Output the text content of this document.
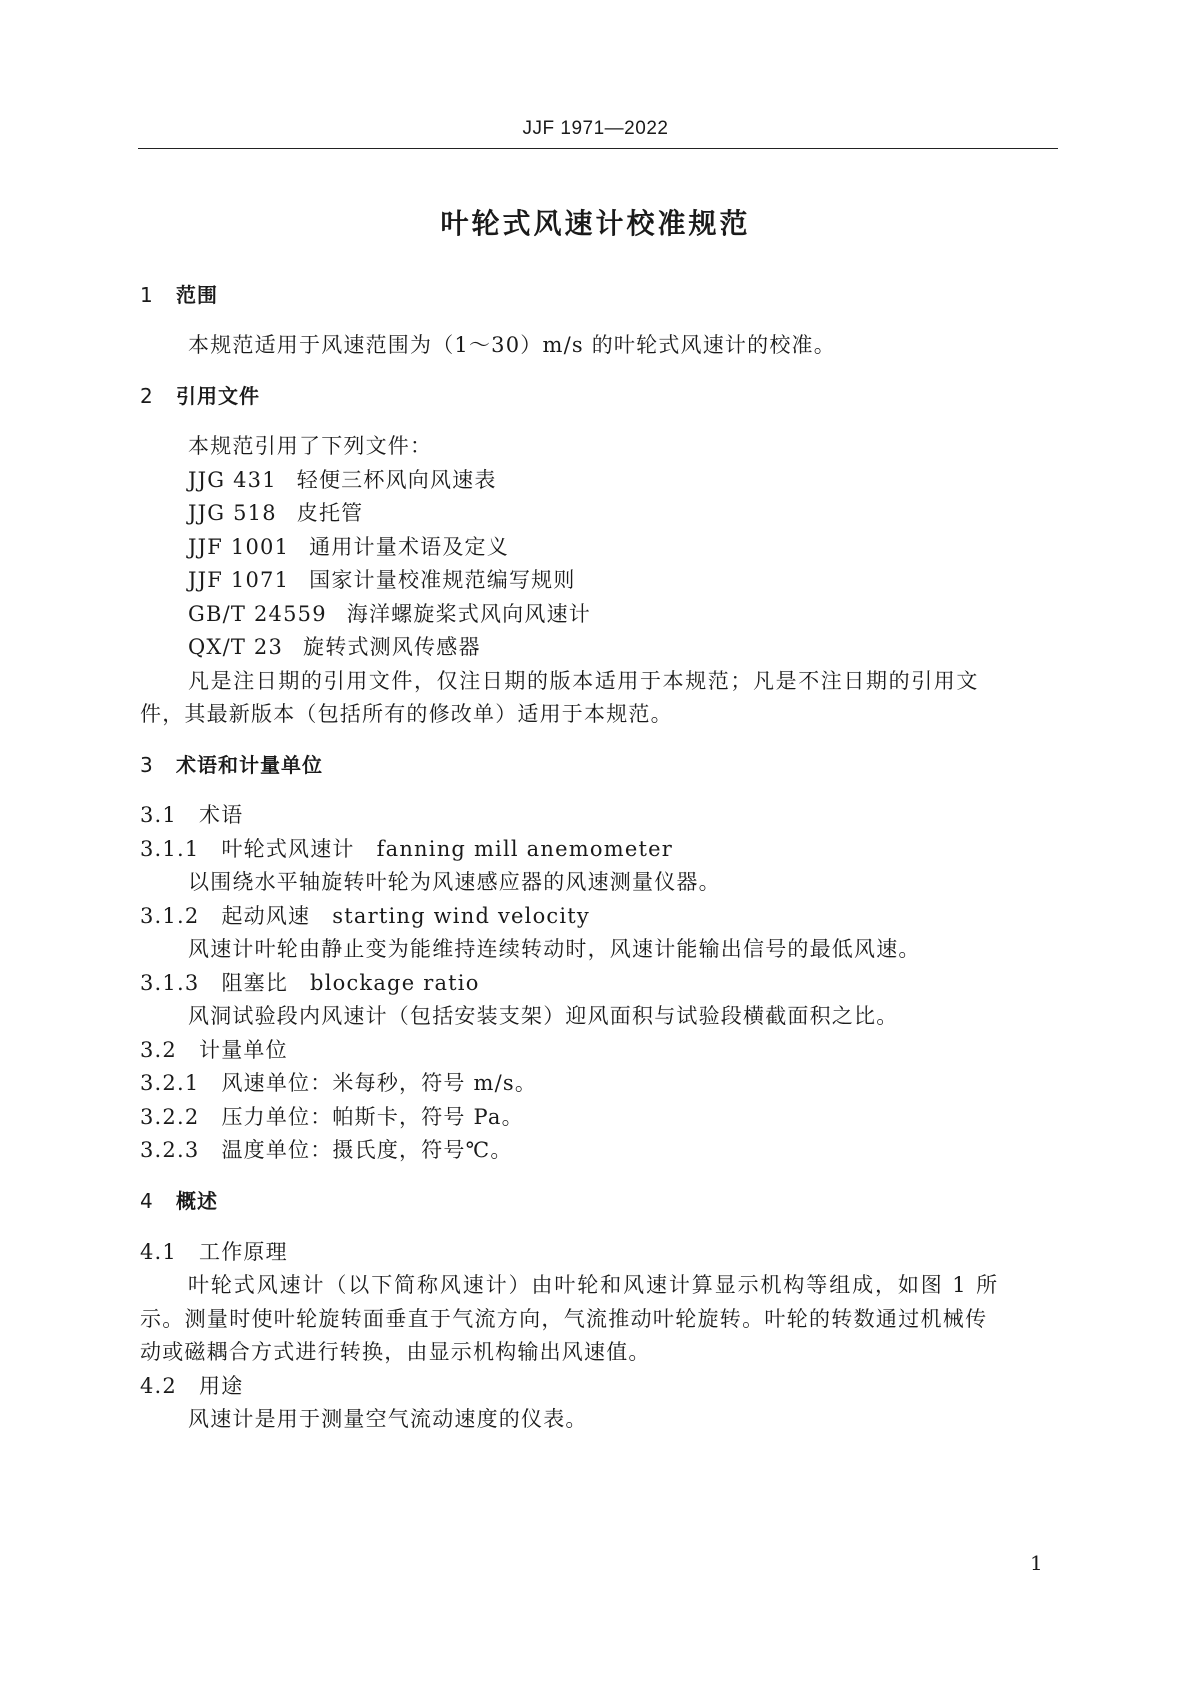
JJF 1971—2022
叶轮式风速计校准规范
1 范围
本规范适用于风速范围为（1～30）m/s 的叶轮式风速计的校准。
2 引用文件
本规范引用了下列文件：
JJG 431 轻便三杯风向风速表
JJG 518 皮托管
JJF 1001 通用计量术语及定义
JJF 1071 国家计量校准规范编写规则
GB/T 24559 海洋螺旋桨式风向风速计
QX/T 23 旋转式测风传感器
凡是注日期的引用文件，仅注日期的版本适用于本规范；凡是不注日期的引用文
件，其最新版本（包括所有的修改单）适用于本规范。
3 术语和计量单位
3.1 术语
3.1.1 叶轮式风速计 fanning mill anemometer
以围绕水平轴旋转叶轮为风速感应器的风速测量仪器。
3.1.2 起动风速 starting wind velocity
风速计叶轮由静止变为能维持连续转动时，风速计能输出信号的最低风速。
3.1.3 阻塞比 blockage ratio
风洞试验段内风速计（包括安装支架）迎风面积与试验段横截面积之比。
3.2 计量单位
3.2.1 风速单位：米每秒，符号 m/s。
3.2.2 压力单位：帕斯卡，符号 Pa。
3.2.3 温度单位：摄氏度，符号℃。
4 概述
4.1 工作原理
叶轮式风速计（以下简称风速计）由叶轮和风速计算显示机构等组成，如图 1 所
示。测量时使叶轮旋转面垂直于气流方向，气流推动叶轮旋转。叶轮的转数通过机械传
动或磁耦合方式进行转换，由显示机构输出风速值。
4.2 用途
风速计是用于测量空气流动速度的仪表。
1
